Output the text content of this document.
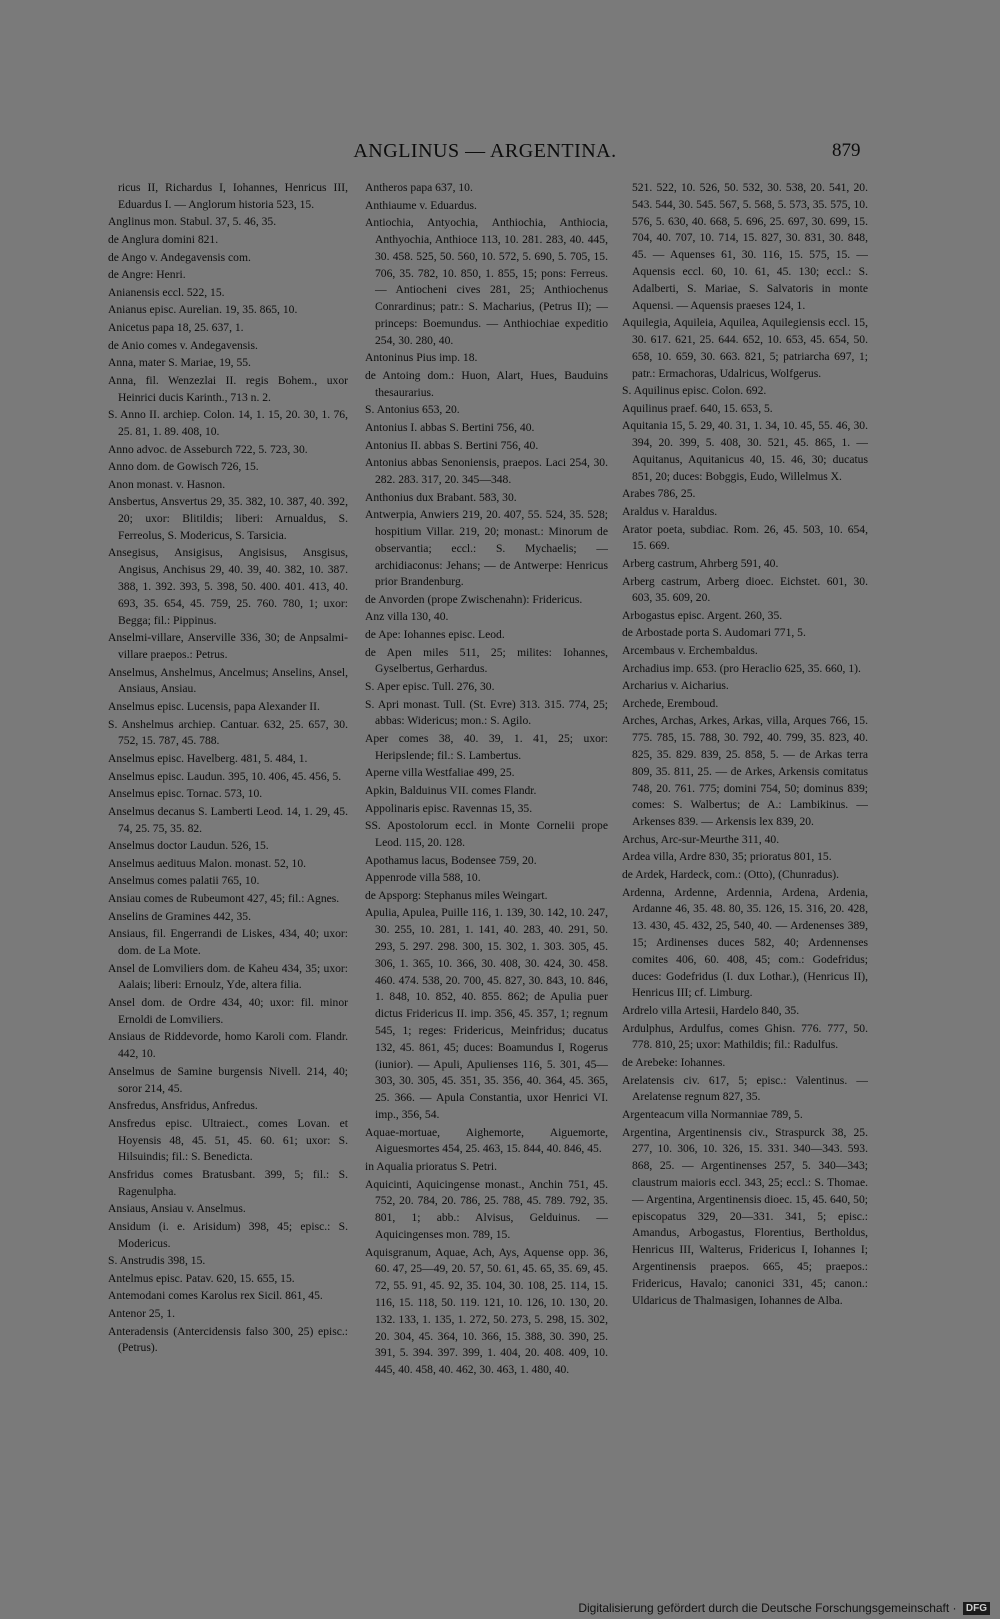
ANGLINUS — ARGENTINA.	879
ricus II, Richardus I, Iohannes, Henricus III, Eduardus I. — Anglorum historia 523, 15.
Anglinus mon. Stabul. 37, 5. 46, 35.
de Anglura domini 821.
de Ango v. Andegavensis com.
de Angre: Henri.
Anianensis eccl. 522, 15.
Anianus episc. Aurelian. 19, 35. 865, 10.
Anicetus papa 18, 25. 637, 1.
de Anio comes v. Andegavensis.
Anna, mater S. Mariae, 19, 55.
Anna, fil. Wenzezlai II. regis Bohem., uxor Heinrici ducis Karinth., 713 n. 2.
S. Anno II. archiep. Colon. 14, 1. 15, 20. 30, 1. 76, 25. 81, 1. 89. 408, 10.
Anno advoc. de Asseburch 722, 5. 723, 30.
Anno dom. de Gowisch 726, 15.
Anon monast. v. Hasnon.
Ansbertus, Ansvertus 29, 35. 382, 10. 387, 40. 392, 20; uxor: Blitildis; liberi: Arnualdus, S. Ferreolus, S. Modericus, S. Tarsicia.
Ansegisus, Ansigisus, Angisisus, Ansgisus, Angisus, Anchisus 29, 40. 39, 40. 382, 10. 387. 388, 1. 392. 393, 5. 398, 50. 400. 401. 413, 40. 693, 35. 654, 45. 759, 25. 760. 780, 1; uxor: Begga; fil.: Pippinus.
Anselmi-villare, Anserville 336, 30; de Anpsalmi-villare praepos.: Petrus.
Anselmus, Anshelmus, Ancelmus; Anselins, Ansel, Ansiaus, Ansiau.
Anselmus episc. Lucensis, papa Alexander II.
S. Anshelmus archiep. Cantuar. 632, 25. 657, 30. 752, 15. 787, 45. 788.
Anselmus episc. Havelberg. 481, 5. 484, 1.
Anselmus episc. Laudun. 395, 10. 406, 45. 456, 5.
Anselmus episc. Tornac. 573, 10.
Anselmus decanus S. Lamberti Leod. 14, 1. 29, 45. 74, 25. 75, 35. 82.
Anselmus doctor Laudun. 526, 15.
Anselmus aedituus Malon. monast. 52, 10.
Anselmus comes palatii 765, 10.
Ansiau comes de Rubeumont 427, 45; fil.: Agnes.
Anselins de Gramines 442, 35.
Ansiaus, fil. Engerrandi de Liskes, 434, 40; uxor: dom. de La Mote.
Ansel de Lomviliers dom. de Kaheu 434, 35; uxor: Aalais; liberi: Ernoulz, Yde, altera filia.
Ansel dom. de Ordre 434, 40; uxor: fil. minor Ernoldi de Lomviliers.
Ansiaus de Riddevorde, homo Karoli com. Flandr. 442, 10.
Anselmus de Samine burgensis Nivell. 214, 40; soror 214, 45.
Ansfredus, Ansfridus, Anfredus.
Ansfredus episc. Ultraiect., comes Lovan. et Hoyensis 48, 45. 51, 45. 60. 61; uxor: S. Hilsuindis; fil.: S. Benedicta.
Ansfridus comes Bratusbant. 399, 5; fil.: S. Ragenulpha.
Ansiaus, Ansiau v. Anselmus.
Ansidum (i. e. Arisidum) 398, 45; episc.: S. Modericus.
S. Anstrudis 398, 15.
Antelmus episc. Patav. 620, 15. 655, 15.
Antemodani comes Karolus rex Sicil. 861, 45.
Antenor 25, 1.
Anteradensis (Antercidensis falso 300, 25) episc.: (Petrus).
Antheros papa 637, 10.
Anthiaume v. Eduardus.
Antiochia, Antyochia, Anthiochia, Anthiocia, Anthyochia, Anthioce 113, 10. 281. 283, 40. 445, 30. 458. 525, 50. 560, 10. 572, 5. 690, 5. 705, 15. 706, 35. 782, 10. 850, 1. 855, 15; pons: Ferreus. — Antiocheni cives 281, 25; Anthiochenus Conrardinus; patr.: S. Macharius, (Petrus II); — princeps: Boemundus. — Anthiochiae expeditio 254, 30. 280, 40.
Antoninus Pius imp. 18.
de Antoing dom.: Huon, Alart, Hues, Bauduins thesaurarius.
S. Antonius 653, 20.
Antonius I. abbas S. Bertini 756, 40.
Antonius II. abbas S. Bertini 756, 40.
Antonius abbas Senoniensis, praepos. Laci 254, 30. 282. 283. 317, 20. 345—348.
Anthonius dux Brabant. 583, 30.
Antwerpia, Anwiers 219, 20. 407, 55. 524, 35. 528; hospitium Villar. 219, 20; monast.: Minorum de observantia; eccl.: S. Mychaelis; — archidiaconus: Jehans; — de Antwerpe: Henricus prior Brandenburg.
de Anvorden (prope Zwischenahn): Fridericus.
Anz villa 130, 40.
de Ape: Iohannes episc. Leod.
de Apen miles 511, 25; milites: Iohannes, Gyselbertus, Gerhardus.
S. Aper episc. Tull. 276, 30.
S. Apri monast. Tull. (St. Evre) 313. 315. 774, 25; abbas: Widericus; mon.: S. Agilo.
Aper comes 38, 40. 39, 1. 41, 25; uxor: Heripslende; fil.: S. Lambertus.
Aperne villa Westfaliae 499, 25.
Apkin, Balduinus VII. comes Flandr.
Appolinaris episc. Ravennas 15, 35.
SS. Apostolorum eccl. in Monte Cornelii prope Leod. 115, 20. 128.
Apothamus lacus, Bodensee 759, 20.
Appenrode villa 588, 10.
de Apsporg: Stephanus miles Weingart.
Apulia, Apulea, Puille 116, 1. 139, 30. 142, 10. 247, 30. 255, 10. 281, 1. 141, 40. 283, 40. 291, 50. 293, 5. 297. 298. 300, 15. 302, 1. 303. 305, 45. 306, 1. 365, 10. 366, 30. 408, 30. 424, 30. 458. 460. 474. 538, 20. 700, 45. 827, 30. 843, 10. 846, 1. 848, 10. 852, 40. 855. 862; de Apulia puer dictus Fridericus II. imp. 356, 45. 357, 1; regnum 545, 1; reges: Fridericus, Meinfridus; ducatus 132, 45. 861, 45; duces: Boamundus I, Rogerus (iunior). — Apuli, Apulienses 116, 5. 301, 45—303, 30. 305, 45. 351, 35. 356, 40. 364, 45. 365, 25. 366. — Apula Constantia, uxor Henrici VI. imp., 356, 54.
Aquae-mortuae, Aighemorte, Aiguemorte, Aiguesmortes 454, 25. 463, 15. 844, 40. 846, 45.
in Aqualia prioratus S. Petri.
Aquicinti, Aquicingense monast., Anchin 751, 45. 752, 20. 784, 20. 786, 25. 788, 45. 789. 792, 35. 801, 1; abb.: Alvisus, Gelduinus. — Aquicingenses mon. 789, 15.
Aquisgranum, Aquae, Ach, Ays, Aquense opp. 36, 60. 47, 25—49, 20. 57, 50. 61, 45. 65, 35. 69, 45. 72, 55. 91, 45. 92, 35. 104, 30. 108, 25. 114, 15. 116, 15. 118, 50. 119. 121, 10. 126, 10. 130, 20. 132. 133, 1. 135, 1. 272, 50. 273, 5. 298, 15. 302, 20. 304, 45. 364, 10. 366, 15. 388, 30. 390, 25. 391, 5. 394. 397. 399, 1. 404, 20. 408. 409, 10. 445, 40. 458, 40. 462, 30. 463, 1. 480, 40.
521. 522, 10. 526, 50. 532, 30. 538, 20. 541, 20. 543. 544, 30. 545. 567, 5. 568, 5. 573, 35. 575, 10. 576, 5. 630, 40. 668, 5. 696, 25. 697, 30. 699, 15. 704, 40. 707, 10. 714, 15. 827, 30. 831, 30. 848, 45. — Aquenses 61, 30. 116, 15. 575, 15. — Aquensis eccl. 60, 10. 61, 45. 130; eccl.: S. Adalberti, S. Mariae, S. Salvatoris in monte Aquensi. — Aquensis praeses 124, 1.
Aquilegia, Aquileia, Aquilea, Aquilegiensis eccl. 15, 30. 617. 621, 25. 644. 652, 10. 653, 45. 654, 50. 658, 10. 659, 30. 663. 821, 5; patriarcha 697, 1; patr.: Ermachoras, Udalricus, Wolfgerus.
S. Aquilinus episc. Colon. 692.
Aquilinus praef. 640, 15. 653, 5.
Aquitania 15, 5. 29, 40. 31, 1. 34, 10. 45, 55. 46, 30. 394, 20. 399, 5. 408, 30. 521, 45. 865, 1. — Aquitanus, Aquitanicus 40, 15. 46, 30; ducatus 851, 20; duces: Bobggis, Eudo, Willelmus X.
Arabes 786, 25.
Araldus v. Haraldus.
Arator poeta, subdiac. Rom. 26, 45. 503, 10. 654, 15. 669.
Arberg castrum, Ahrberg 591, 40.
Arberg castrum, Arberg dioec. Eichstet. 601, 30. 603, 35. 609, 20.
Arbogastus episc. Argent. 260, 35.
de Arbostade porta S. Audomari 771, 5.
Arcembaus v. Erchembaldus.
Archadius imp. 653. (pro Heraclio 625, 35. 660, 1).
Archarius v. Aicharius.
Archede, Eremboud.
Arches, Archas, Arkes, Arkas, villa, Arques 766, 15. 775. 785, 15. 788, 30. 792, 40. 799, 35. 823, 40. 825, 35. 829. 839, 25. 858, 5. — de Arkas terra 809, 35. 811, 25. — de Arkes, Arkensis comitatus 748, 20. 761. 775; domini 754, 50; dominus 839; comes: S. Walbertus; de A.: Lambikinus. — Arkenses 839. — Arkensis lex 839, 20.
Archus, Arc-sur-Meurthe 311, 40.
Ardea villa, Ardre 830, 35; prioratus 801, 15.
de Ardek, Hardeck, com.: (Otto), (Chunradus).
Ardenna, Ardenne, Ardennia, Ardena, Ardenia, Ardanne 46, 35. 48. 80, 35. 126, 15. 316, 20. 428, 13. 430, 45. 432, 25, 540, 40. — Ardenenses 389, 15; Ardinenses duces 582, 40; Ardennenses comites 406, 60. 408, 45; com.: Godefridus; duces: Godefridus (I. dux Lothar.), (Henricus II), Henricus III; cf. Limburg.
Ardrelo villa Artesii, Hardelo 840, 35.
Ardulphus, Ardulfus, comes Ghisn. 776. 777, 50. 778. 810, 25; uxor: Mathildis; fil.: Radulfus.
de Arebeke: Iohannes.
Arelatensis civ. 617, 5; episc.: Valentinus. — Arelatense regnum 827, 35.
Argenteacum villa Normanniae 789, 5.
Argentina, Argentinensis civ., Straspurck 38, 25. 277, 10. 306, 10. 326, 15. 331. 340—343. 593. 868, 25. — Argentinenses 257, 5. 340—343; claustrum maioris eccl. 343, 25; eccl.: S. Thomae. — Argentina, Argentinensis dioec. 15, 45. 640, 50; episcopatus 329, 20—331. 341, 5; episc.: Amandus, Arbogastus, Florentius, Bertholdus, Henricus III, Walterus, Fridericus I, Iohannes I; Argentinensis praepos. 665, 45; praepos.: Fridericus, Havalo; canonici 331, 45; canon.: Uldaricus de Thalmasigen, Iohannes de Alba.
Digitalisierung gefördert durch die Deutsche Forschungsgemeinschaft · DFG
